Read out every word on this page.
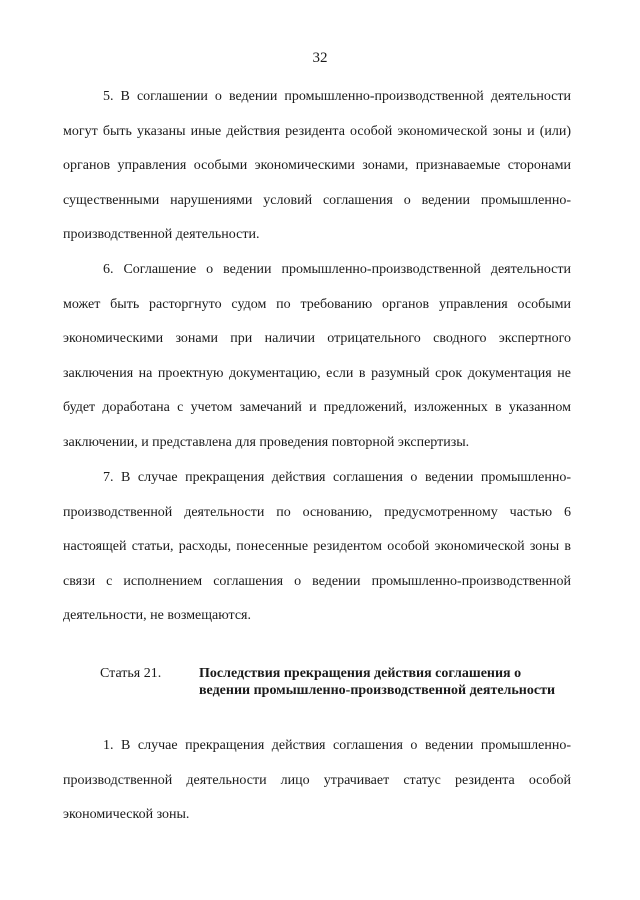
32

5. В соглашении о ведении промышленно-производственной деятельности могут быть указаны иные действия резидента особой экономической зоны и (или) органов управления особыми экономическими зонами, признаваемые сторонами существенными нарушениями условий соглашения о ведении промышленно-производственной деятельности.

6. Соглашение о ведении промышленно-производственной деятельности может быть расторгнуто судом по требованию органов управления особыми экономическими зонами при наличии отрицательного сводного экспертного заключения на проектную документацию, если в разумный срок документация не будет доработана с учетом замечаний и предложений, изложенных в указанном заключении, и представлена для проведения повторной экспертизы.

7. В случае прекращения действия соглашения о ведении промышленно-производственной деятельности по основанию, предусмотренному частью 6 настоящей статьи, расходы, понесенные резидентом особой экономической зоны в связи с исполнением соглашения о ведении промышленно-производственной деятельности, не возмещаются.

Статья 21.	Последствия прекращения действия соглашения о ведении промышленно-производственной деятельности

1. В случае прекращения действия соглашения о ведении промышленно-производственной деятельности лицо утрачивает статус резидента особой экономической зоны.
